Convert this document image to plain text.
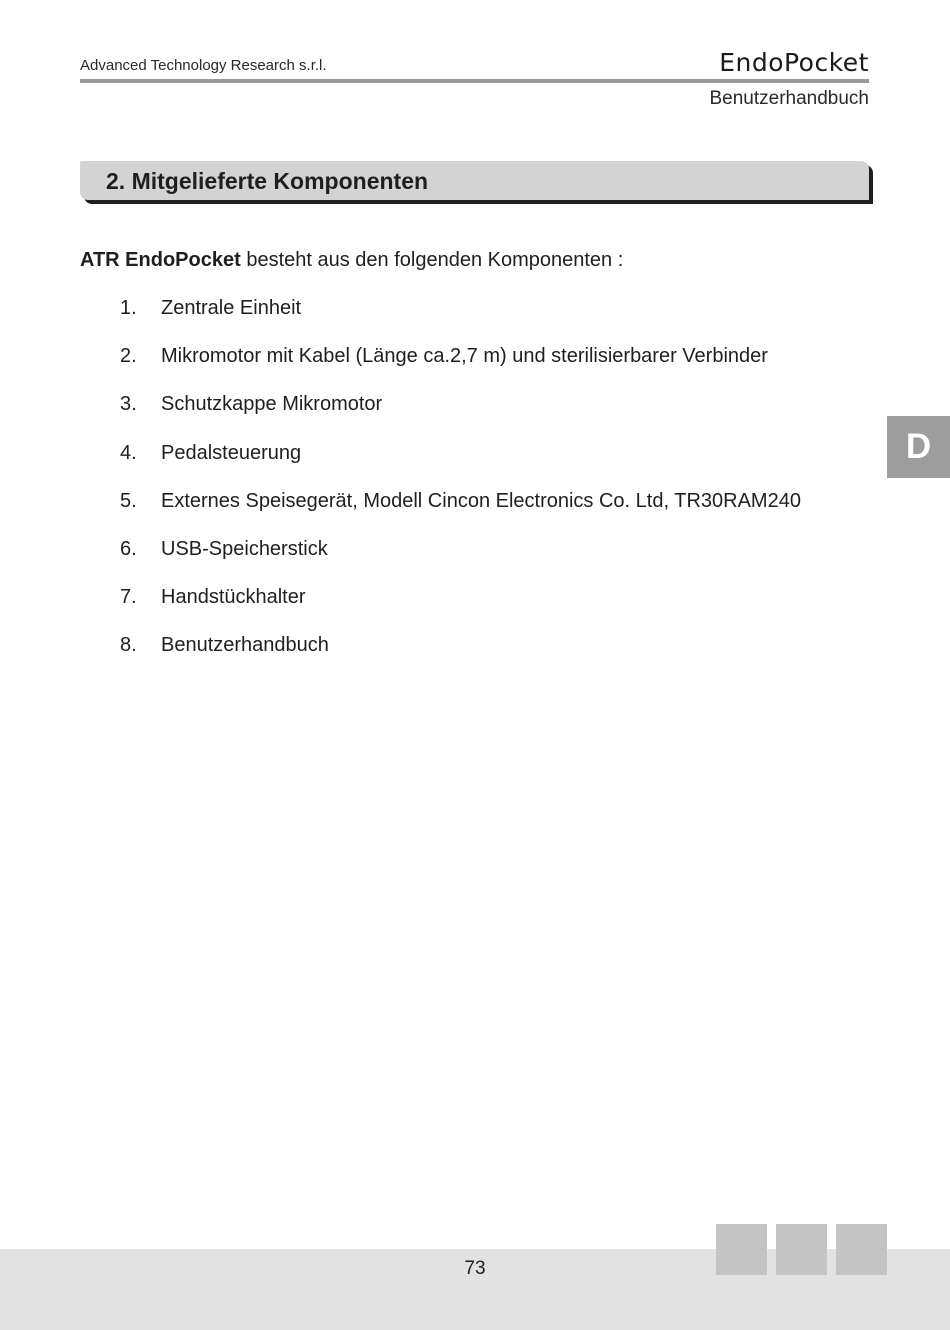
Advanced Technology Research s.r.l.	EndoPocket
Benutzerhandbuch
2. Mitgelieferte Komponenten
ATR EndoPocket besteht aus den folgenden Komponenten :
1. Zentrale Einheit
2. Mikromotor mit Kabel (Länge ca.2,7 m) und sterilisierbarer Verbinder
3. Schutzkappe Mikromotor
4. Pedalsteuerung
5. Externes Speisegerät, Modell Cincon Electronics Co. Ltd, TR30RAM240
6. USB-Speicherstick
7. Handstückhalter
8. Benutzerhandbuch
D
73
